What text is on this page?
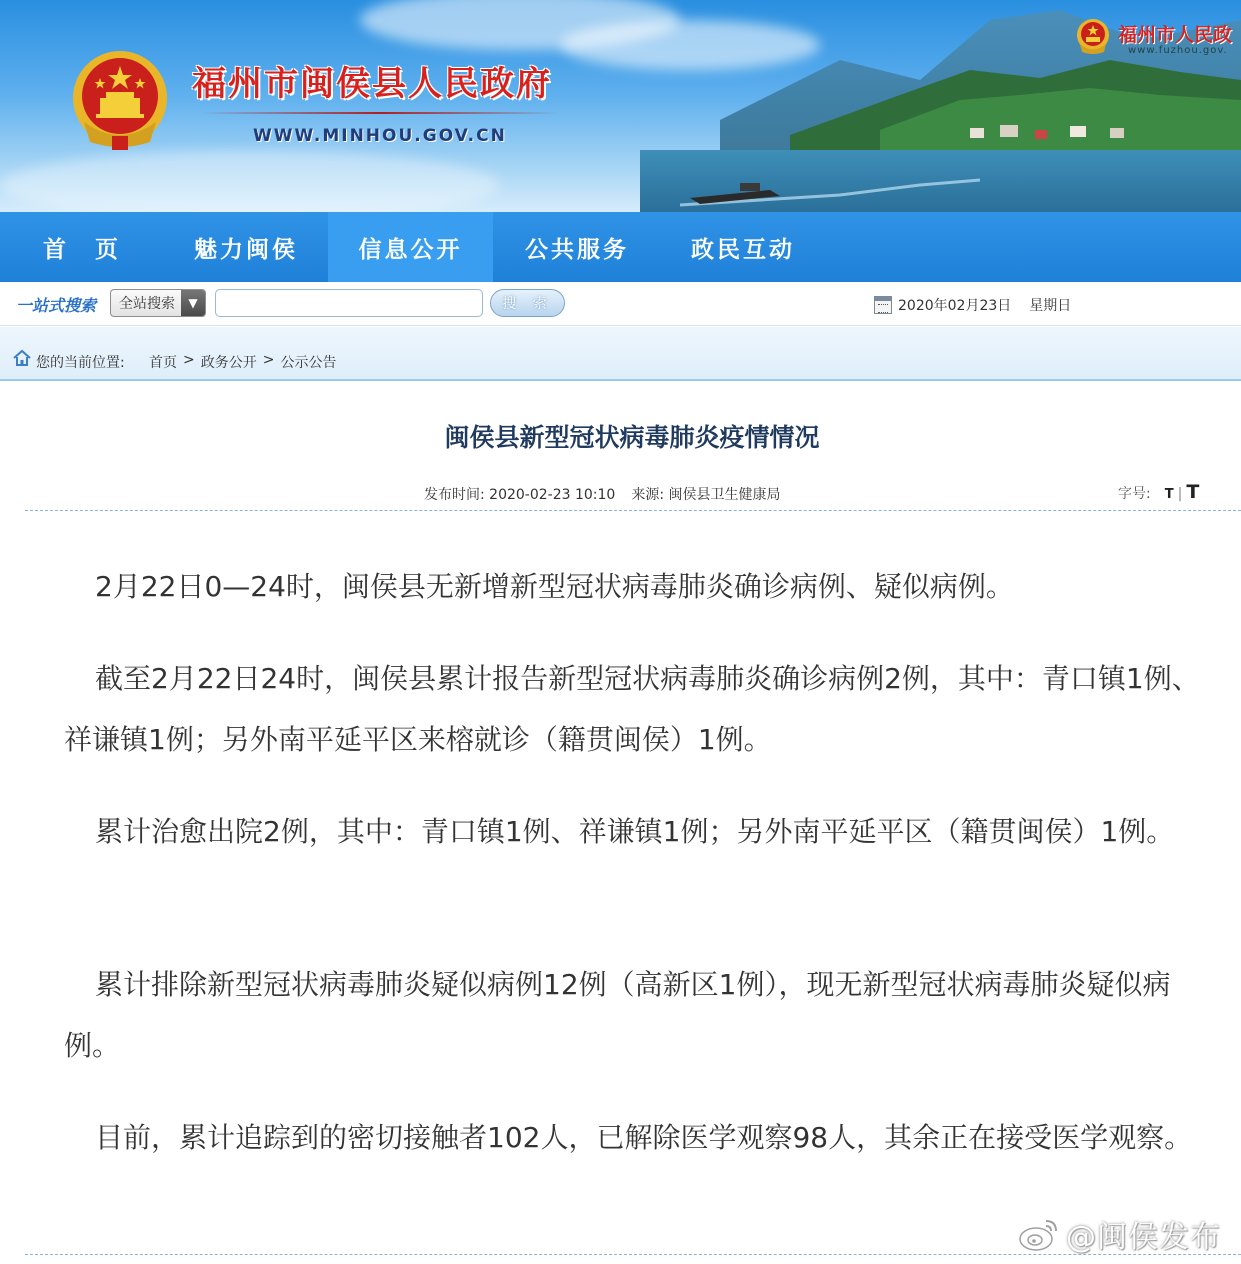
福州市闽侯县人民政府
WWW.MINHOU.GOV.CN
福州市人民政
www.fuzhou.gov.
首　页	魅力闽侯	信息公开	公共服务	政民互动
一站式搜索	全站搜索	▼	搜 索	2020年02月23日 星期日
您的当前位置: 首页 > 政务公开 > 公示公告
闽侯县新型冠状病毒肺炎疫情情况
发布时间: 2020-02-23 10:10 来源: 闽侯县卫生健康局	字号: T | T

2月22日0—24时，闽侯县无新增新型冠状病毒肺炎确诊病例、疑似病例。

截至2月22日24时，闽侯县累计报告新型冠状病毒肺炎确诊病例2例，其中：青口镇1例、祥谦镇1例；另外南平延平区来榕就诊（籍贯闽侯）1例。

累计治愈出院2例，其中：青口镇1例、祥谦镇1例；另外南平延平区（籍贯闽侯）1例。

累计排除新型冠状病毒肺炎疑似病例12例（高新区1例），现无新型冠状病毒肺炎疑似病例。

目前，累计追踪到的密切接触者102人，已解除医学观察98人，其余正在接受医学观察。

@闽侯发布
